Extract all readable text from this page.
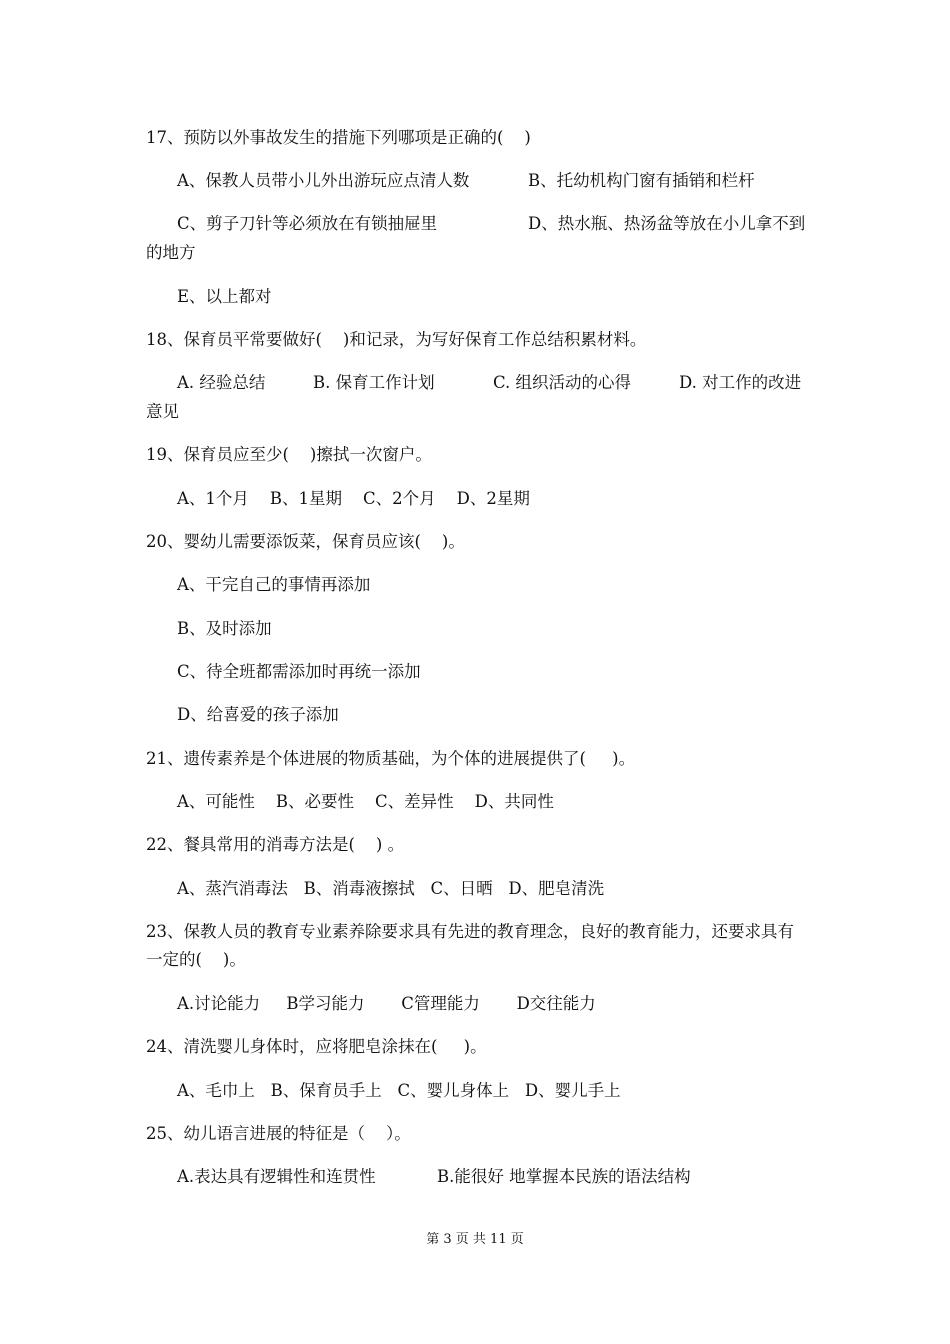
17、预防以外事故发生的措施下列哪项是正确的(    )
A、保教人员带小儿外出游玩应点清人数	B、托幼机构门窗有插销和栏杆
C、剪子刀针等必须放在有锁抽屉里	D、热水瓶、热汤盆等放在小儿拿不到
的地方
E、以上都对
18、保育员平常要做好(    )和记录，为写好保育工作总结积累材料。
A. 经验总结	B. 保育工作计划	C. 组织活动的心得	D. 对工作的改进
意见
19、保育员应至少(    )擦拭一次窗户。
A、1个月    B、1星期    C、2个月    D、2星期
20、婴幼儿需要添饭菜，保育员应该(    )。
A、干完自己的事情再添加
B、及时添加
C、待全班都需添加时再统一添加
D、给喜爱的孩子添加
21、遗传素养是个体进展的物质基础，为个体的进展提供了(     )。
A、可能性    B、必要性    C、差异性    D、共同性
22、餐具常用的消毒方法是(    ) 。
A、蒸汽消毒法   B、消毒液擦拭   C、日晒   D、肥皂清洗
23、保教人员的教育专业素养除要求具有先进的教育理念，良好的教育能力，还要求具有
一定的(    )。
A.讨论能力     B学习能力       C管理能力       D交往能力
24、清洗婴儿身体时，应将肥皂涂抹在(     )。
A、毛巾上   B、保育员手上   C、婴儿身体上   D、婴儿手上
25、幼儿语言进展的特征是（    ）。
A.表达具有逻辑性和连贯性	B.能很好 地掌握本民族的语法结构
第 3 页 共 11 页
